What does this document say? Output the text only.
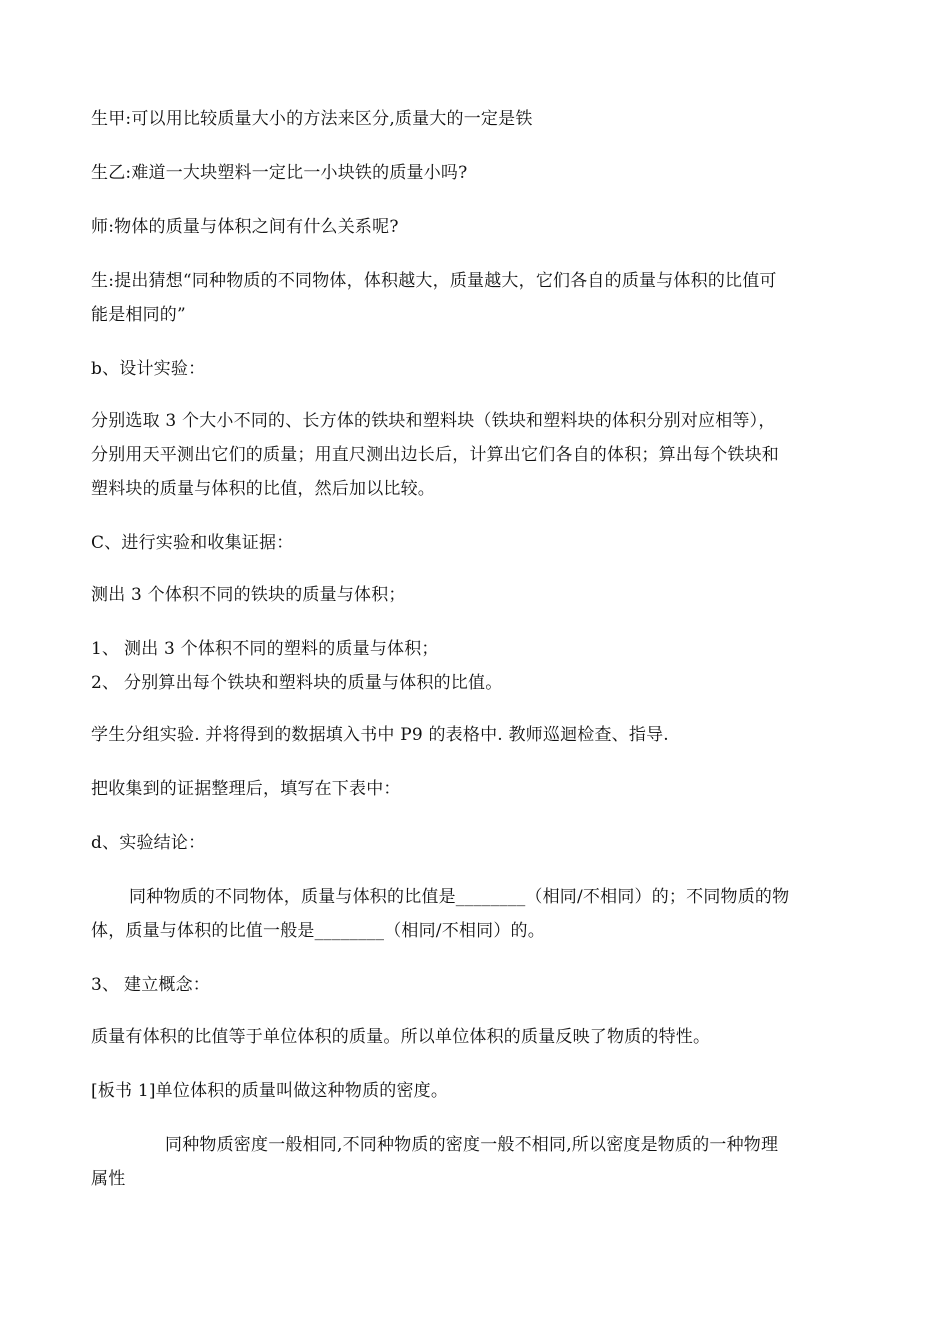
生甲:可以用比较质量大小的方法来区分,质量大的一定是铁
生乙:难道一大块塑料一定比一小块铁的质量小吗?
师:物体的质量与体积之间有什么关系呢?
生:提出猜想“同种物质的不同物体，体积越大，质量越大，它们各自的质量与体积的比值可
能是相同的”
b、设计实验：
分别选取 3 个大小不同的、长方体的铁块和塑料块（铁块和塑料块的体积分别对应相等），
分别用天平测出它们的质量；用直尺测出边长后，计算出它们各自的体积；算出每个铁块和
塑料块的质量与体积的比值，然后加以比较。
C、进行实验和收集证据：
测出 3 个体积不同的铁块的质量与体积；
1、 测出 3 个体积不同的塑料的质量与体积；
2、 分别算出每个铁块和塑料块的质量与体积的比值。
学生分组实验. 并将得到的数据填入书中 P9 的表格中. 教师巡迴检查、指导.
把收集到的证据整理后，填写在下表中：
d、实验结论：
同种物质的不同物体，质量与体积的比值是________（相同/不相同）的；不同物质的物
体，质量与体积的比值一般是________（相同/不相同）的。
3、 建立概念：
质量有体积的比值等于单位体积的质量。所以单位体积的质量反映了物质的特性。
[板书 1]单位体积的质量叫做这种物质的密度。
同种物质密度一般相同,不同种物质的密度一般不相同,所以密度是物质的一种物理
属性
